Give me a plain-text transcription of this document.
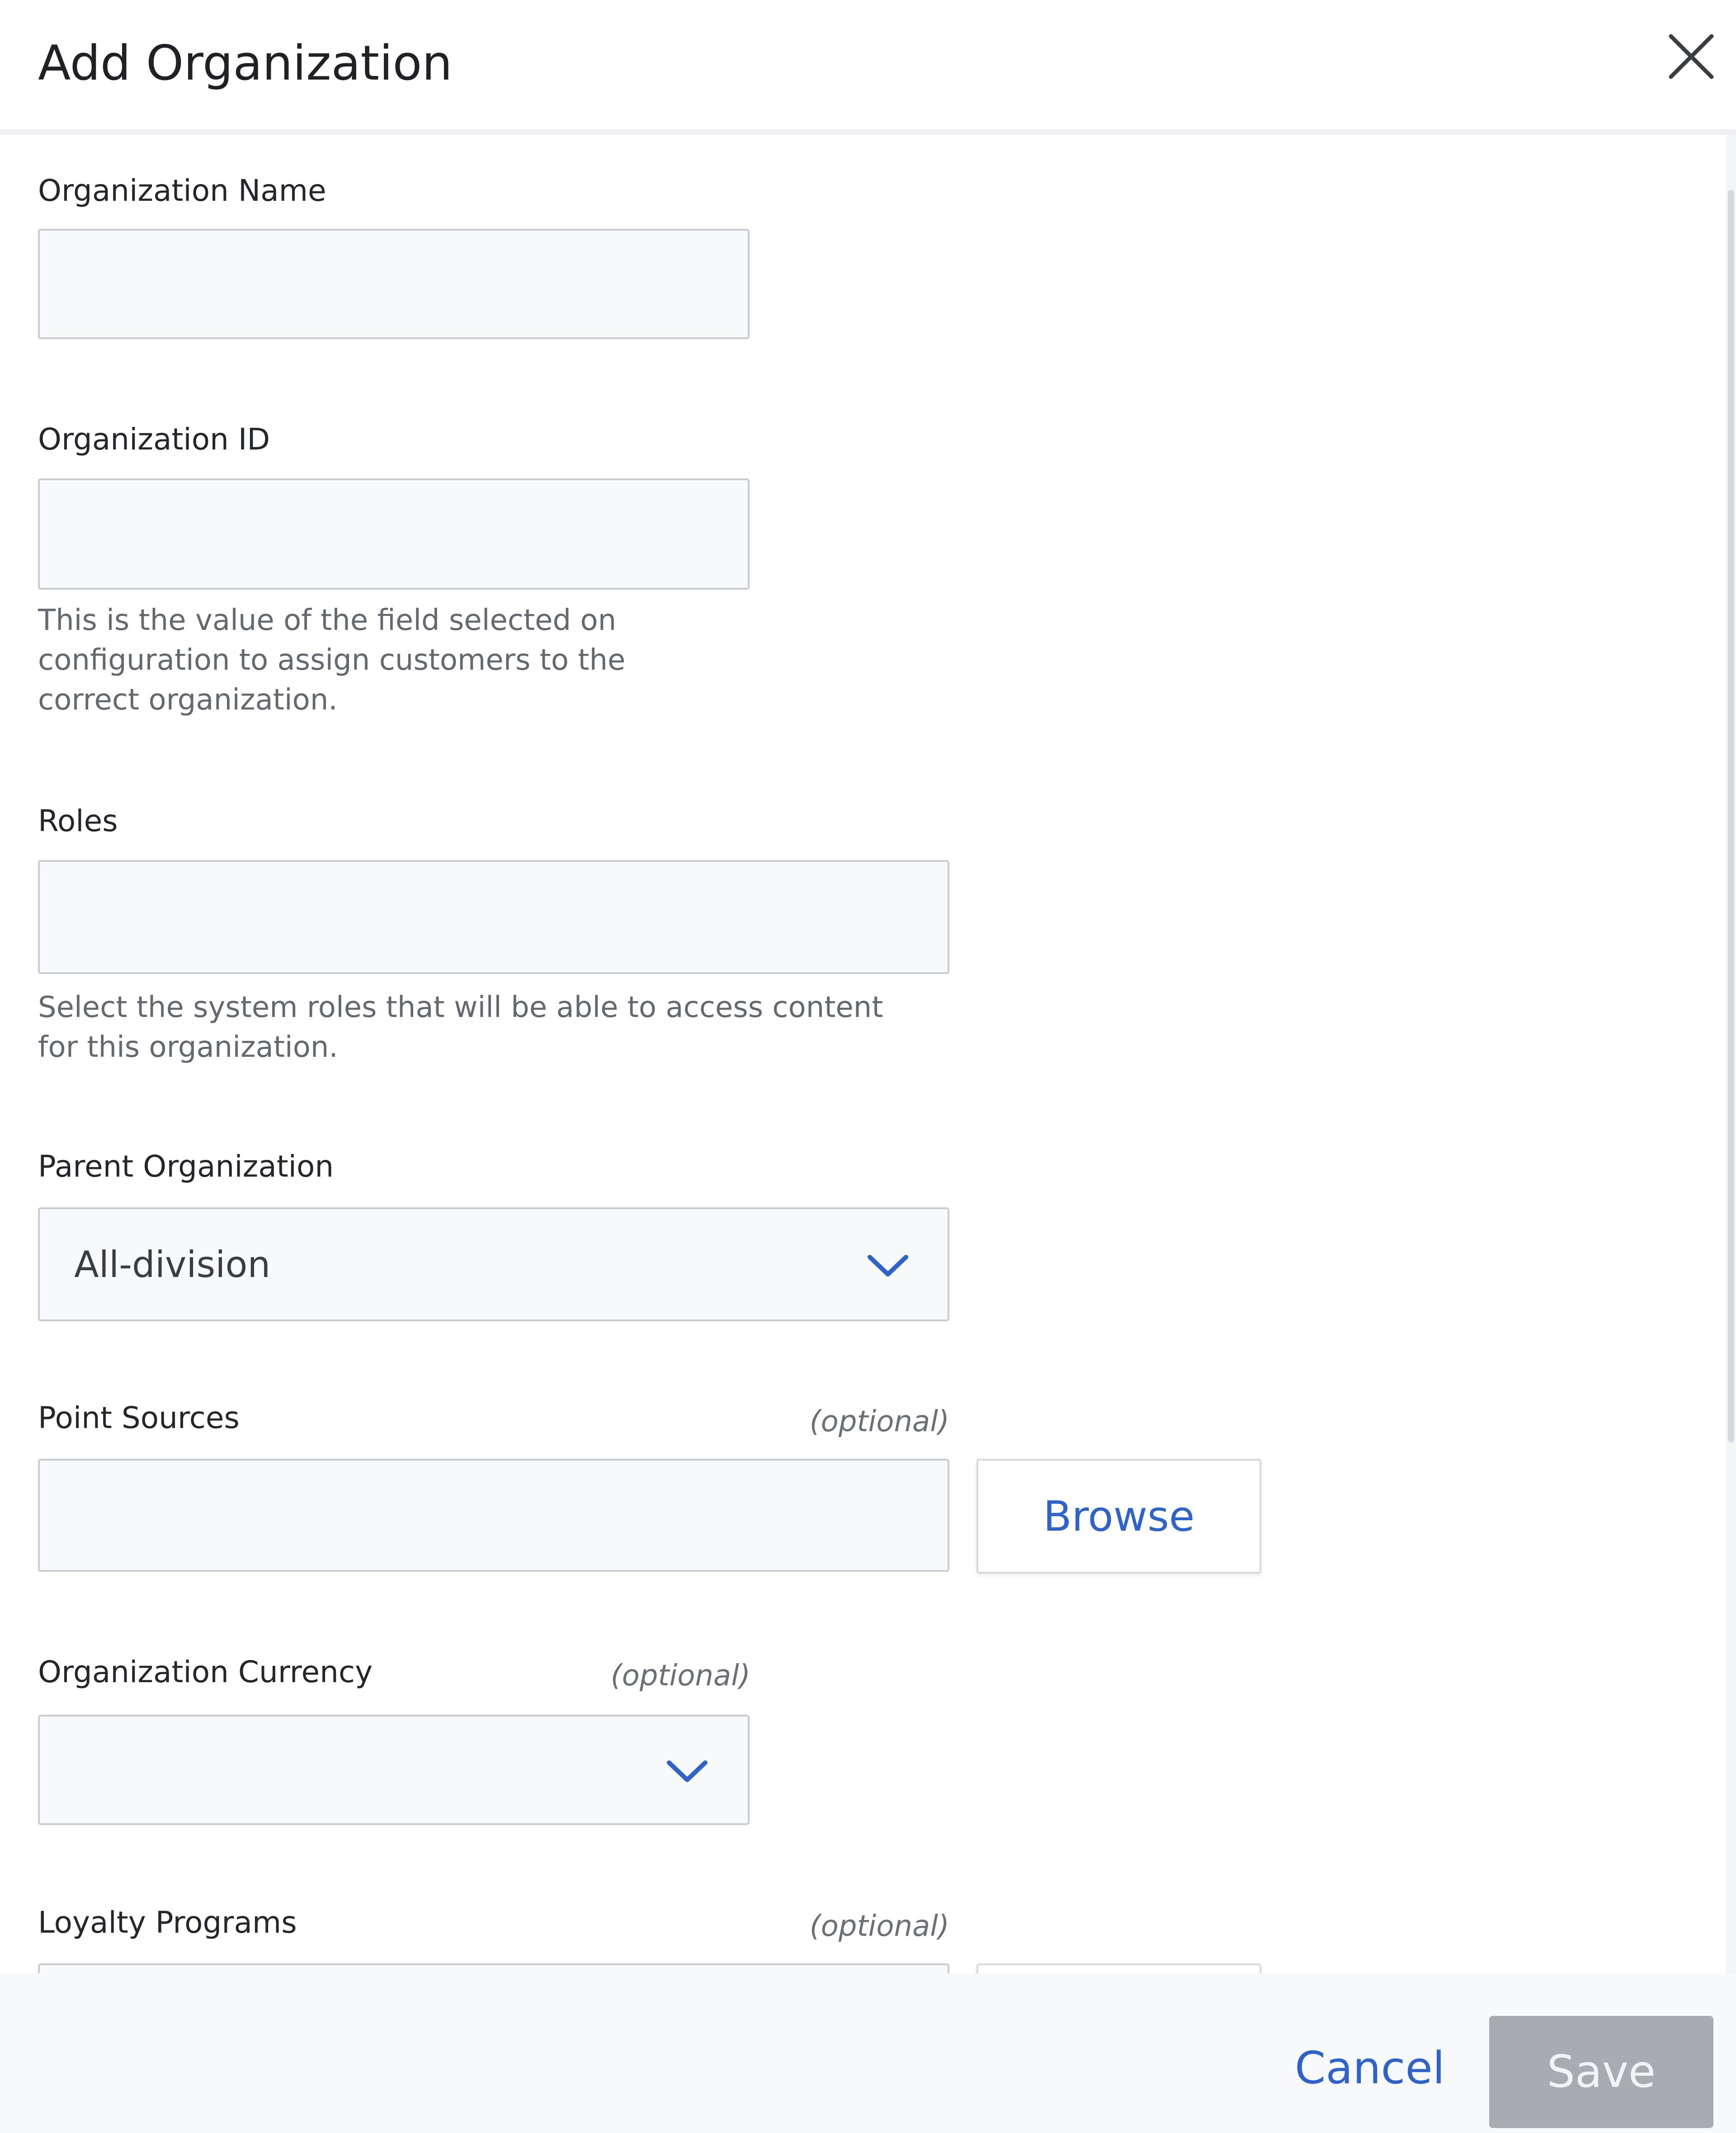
Add Organization
Organization Name
Organization ID
This is the value of the field selected on
configuration to assign customers to the
correct organization.
Roles
Select the system roles that will be able to access content
for this organization.
Parent Organization
All-division
Point Sources	(optional)
Browse
Organization Currency	(optional)
Loyalty Programs	(optional)
Cancel	Save
